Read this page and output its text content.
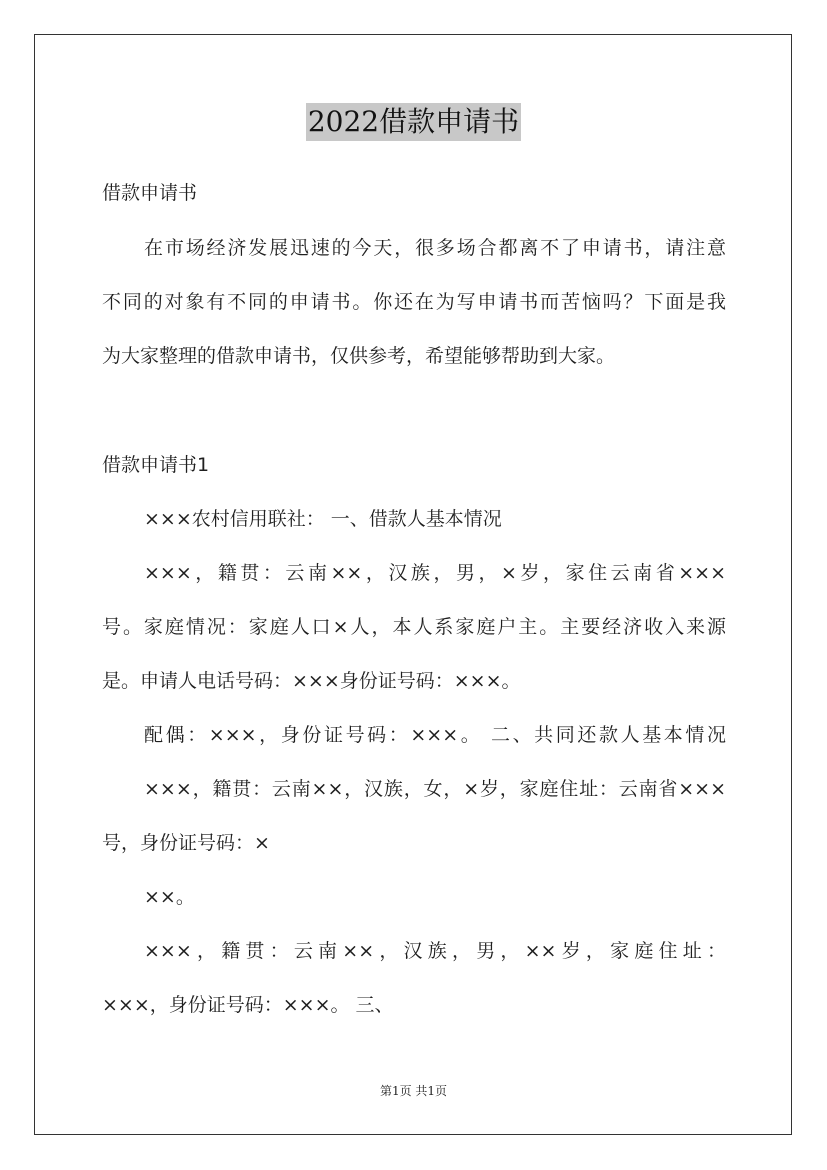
2022借款申请书
借款申请书
在市场经济发展迅速的今天，很多场合都离不了申请书，请注意
不同的对象有不同的申请书。你还在为写申请书而苦恼吗？下面是我
为大家整理的借款申请书，仅供参考，希望能够帮助到大家。
借款申请书1
×××农村信用联社： 一、借款人基本情况
×××，籍贯：云南××，汉族，男，×岁，家住云南省×××
号。家庭情况：家庭人口×人，本人系家庭户主。主要经济收入来源
是。申请人电话号码：×××身份证号码：×××。
配偶：×××，身份证号码：×××。 二、共同还款人基本情况
×××，籍贯：云南××，汉族，女，×岁，家庭住址：云南省×××
号，身份证号码：×
××。
×××，籍贯：云南××，汉族，男，××岁，家庭住址：
×××，身份证号码：×××。 三、
第1页 共1页
